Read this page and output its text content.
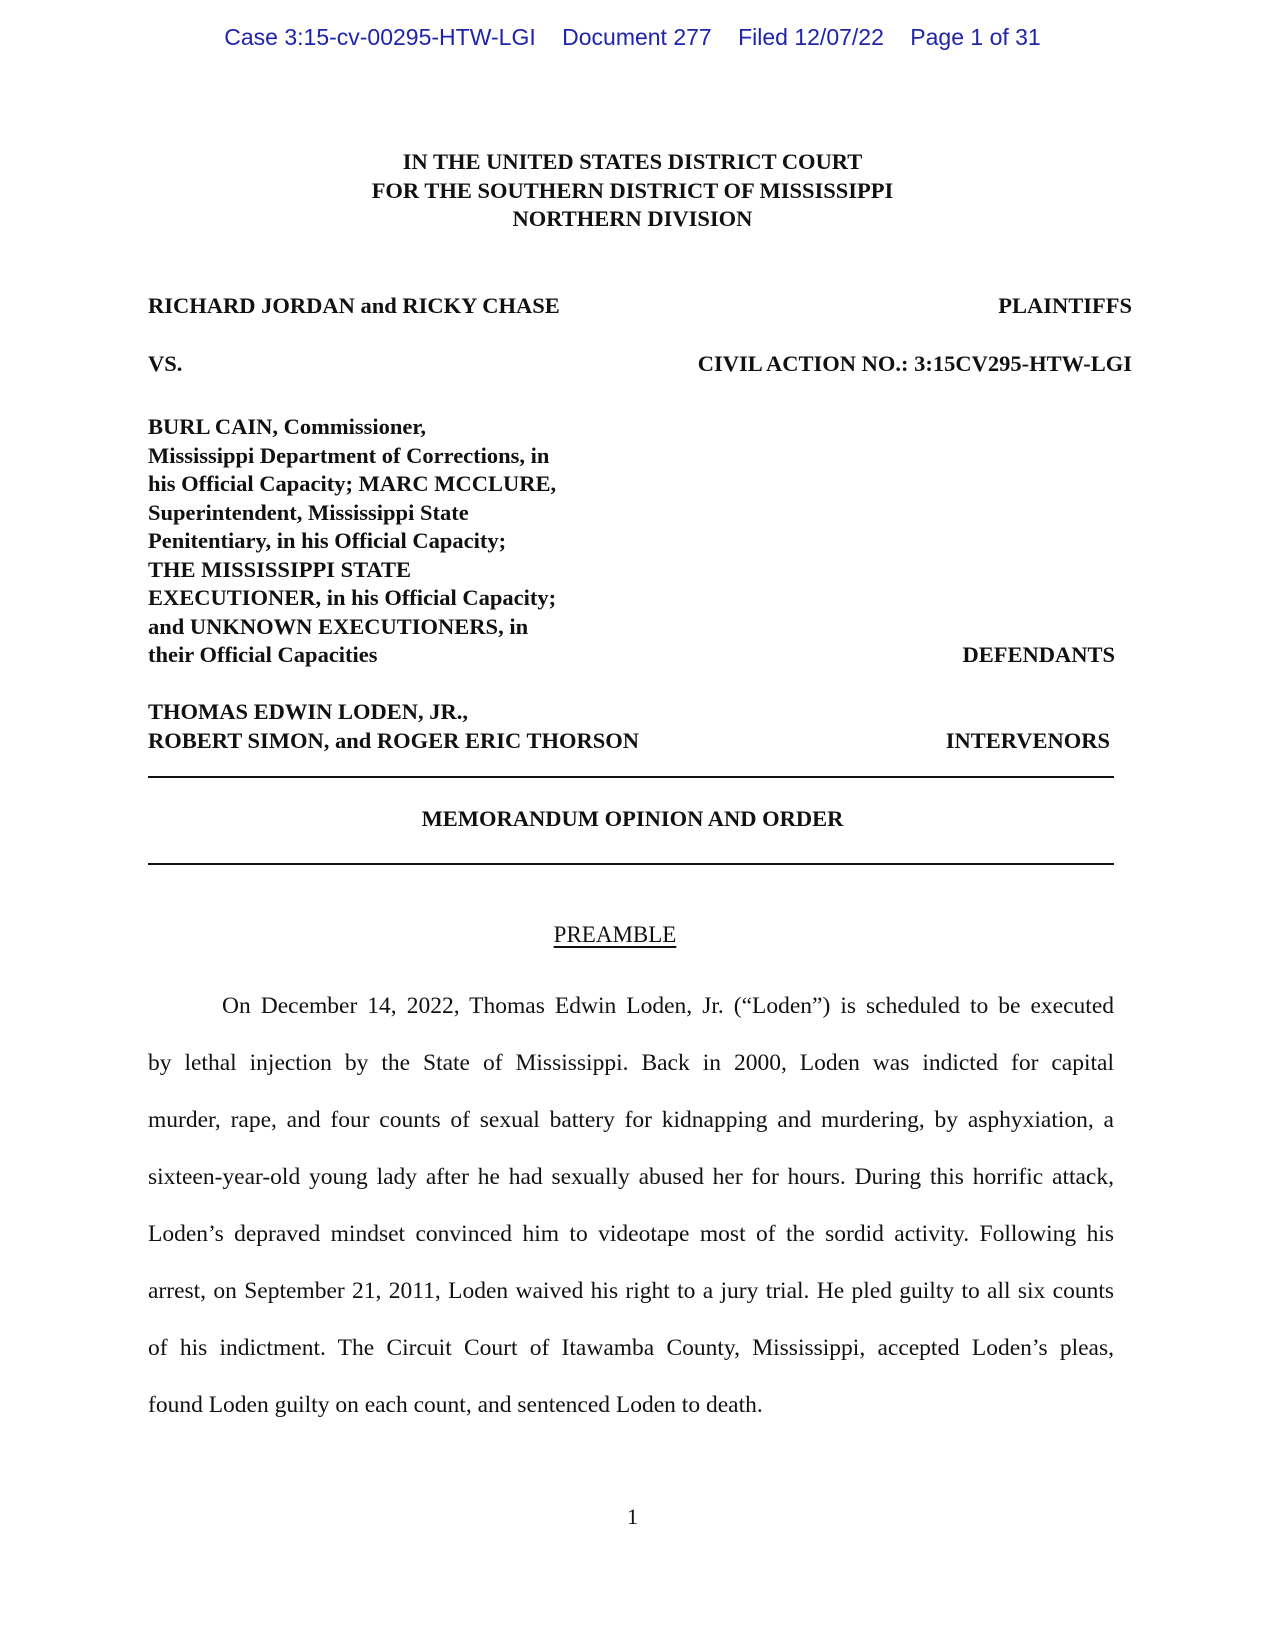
Case 3:15-cv-00295-HTW-LGI Document 277 Filed 12/07/22 Page 1 of 31
IN THE UNITED STATES DISTRICT COURT
FOR THE SOUTHERN DISTRICT OF MISSISSIPPI
NORTHERN DIVISION
RICHARD JORDAN and RICKY CHASE	PLAINTIFFS
VS.	CIVIL ACTION NO.: 3:15CV295-HTW-LGI
BURL CAIN, Commissioner,
Mississippi Department of Corrections, in
his Official Capacity; MARC MCCLURE,
Superintendent, Mississippi State
Penitentiary, in his Official Capacity;
THE MISSISSIPPI STATE
EXECUTIONER, in his Official Capacity;
and UNKNOWN EXECUTIONERS, in
their Official Capacities	DEFENDANTS
THOMAS EDWIN LODEN, JR.,
ROBERT SIMON, and ROGER ERIC THORSON	INTERVENORS
MEMORANDUM OPINION AND ORDER
PREAMBLE
On December 14, 2022, Thomas Edwin Loden, Jr. (“Loden”) is scheduled to be executed
by lethal injection by the State of Mississippi. Back in 2000, Loden was indicted for capital
murder, rape, and four counts of sexual battery for kidnapping and murdering, by asphyxiation, a
sixteen-year-old young lady after he had sexually abused her for hours. During this horrific attack,
Loden’s depraved mindset convinced him to videotape most of the sordid activity. Following his
arrest, on September 21, 2011, Loden waived his right to a jury trial. He pled guilty to all six counts
of his indictment. The Circuit Court of Itawamba County, Mississippi, accepted Loden’s pleas,
found Loden guilty on each count, and sentenced Loden to death.
1
